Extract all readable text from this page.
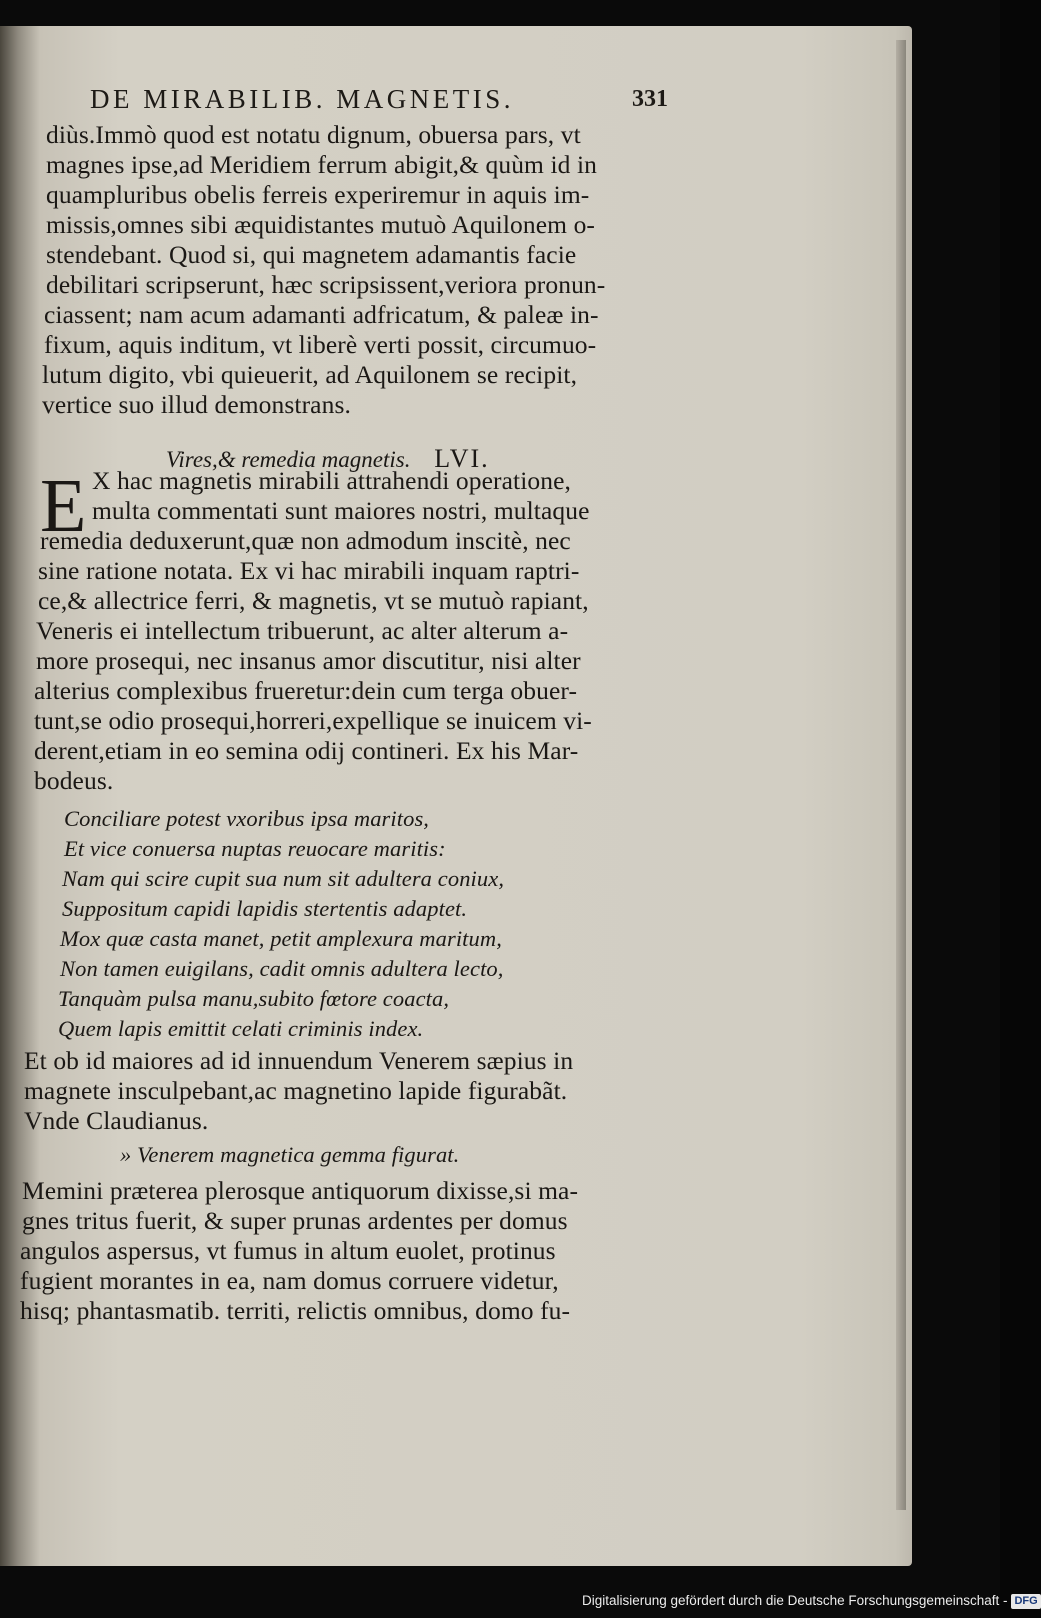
DE MIRABILIB. MAGNETIS.	331
diùs.Immò quod est notatu dignum, obuersa pars, vt
magnes ipse,ad Meridiem ferrum abigit,& quùm id in
quampluribus obelis ferreis experiremur in aquis im-
missis,omnes sibi æquidistantes mutuò Aquilonem o-
stendebant. Quod si, qui magnetem adamantis facie
debilitari scripserunt, hæc scripsissent,veriora pronun-
ciassent; nam acum adamanti adfricatum, & paleæ in-
fixum, aquis inditum, vt liberè verti possit, circumuo-
lutum digito, vbi quieuerit, ad Aquilonem se recipit,
vertice suo illud demonstrans.
Vires,& remedia magnetis. LVI.
E X hac magnetis mirabili attrahendi operatione,
multa commentati sunt maiores nostri, multaque
remedia deduxerunt,quæ non admodum inscitè, nec
sine ratione notata. Ex vi hac mirabili inquam raptri-
ce,& allectrice ferri, & magnetis, vt se mutuò rapiant,
Veneris ei intellectum tribuerunt, ac alter alterum a-
more prosequi, nec insanus amor discutitur, nisi alter
alterius complexibus frueretur:dein cum terga obuer-
tunt,se odio prosequi,horreri,expellique se inuicem vi-
derent,etiam in eo semina odij contineri. Ex his Mar-
bodeus.
Conciliare potest vxoribus ipsa maritos,
Et vice conuersa nuptas reuocare maritis:
Nam qui scire cupit sua num sit adultera coniux,
Suppositum capidi lapidis stertentis adaptet.
Mox quæ casta manet, petit amplexura maritum,
Non tamen euigilans, cadit omnis adultera lecto,
Tanquàm pulsa manu,subito fœtore coacta,
Quem lapis emittit celati criminis index.
Et ob id maiores ad id innuendum Venerem sæpius in
magnete insculpebant,ac magnetino lapide figurabãt.
Vnde Claudianus.
» Venerem magnetica gemma figurat.
Memini præterea plerosque antiquorum dixisse,si ma-
gnes tritus fuerit, & super prunas ardentes per domus
angulos aspersus, vt fumus in altum euolet, protinus
fugient morantes in ea, nam domus corruere videtur,
hisq; phantasmatib. territi, relictis omnibus, domo fu-
Digitalisierung gefördert durch die Deutsche Forschungsgemeinschaft - DFG
